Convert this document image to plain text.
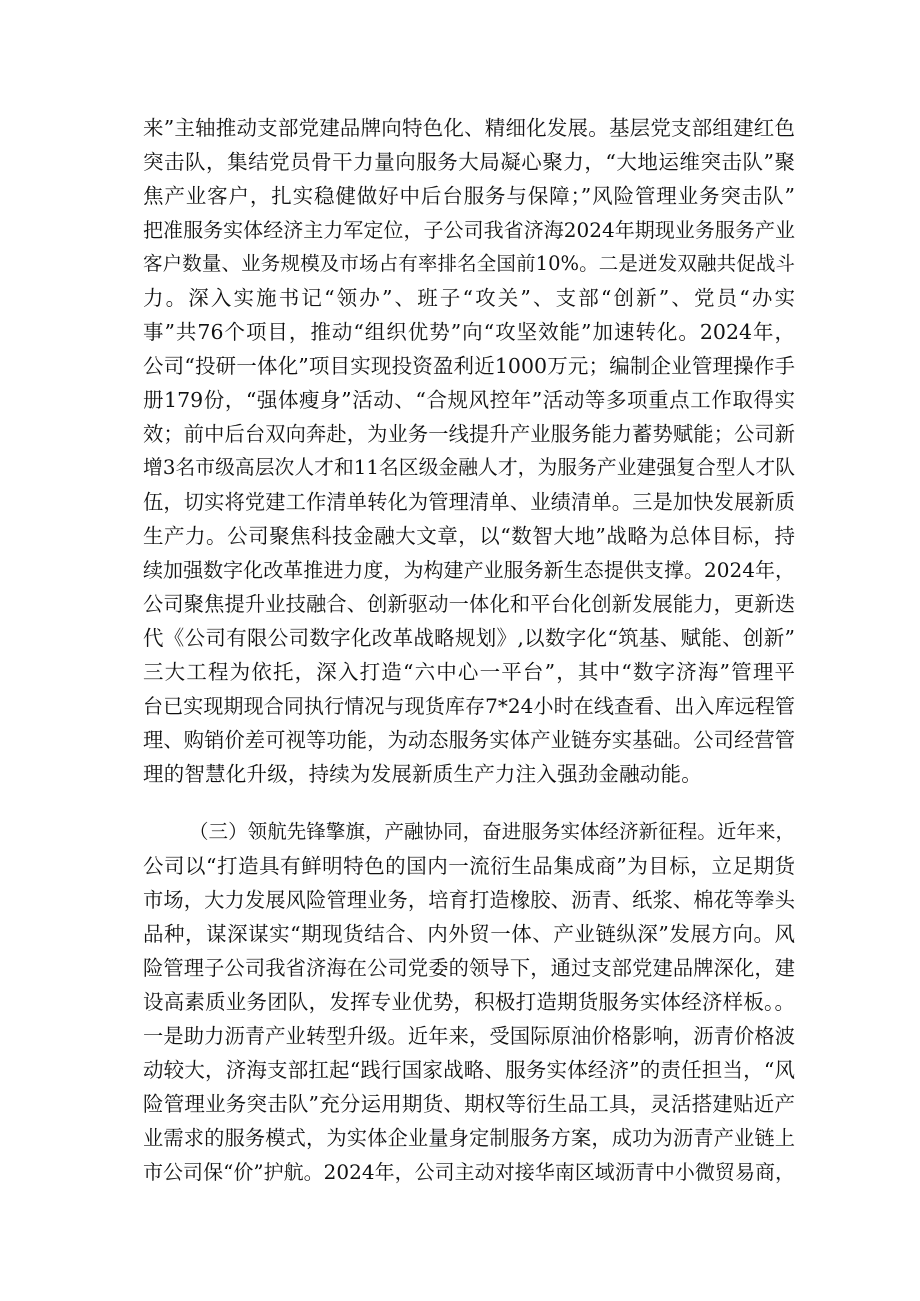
来”主轴推动支部党建品牌向特色化、精细化发展。基层党支部组建红色
突击队，集结党员骨干力量向服务大局凝心聚力，“大地运维突击队”聚
焦产业客户，扎实稳健做好中后台服务与保障；”风险管理业务突击队”
把准服务实体经济主力军定位，子公司我省济海2024年期现业务服务产业
客户数量、业务规模及市场占有率排名全国前10%。二是迸发双融共促战斗
力。深入实施书记“领办”、班子“攻关”、支部“创新”、党员“办实
事”共76个项目，推动“组织优势”向“攻坚效能”加速转化。2024年，
公司“投研一体化”项目实现投资盈利近1000万元；编制企业管理操作手
册179份，“强体瘦身”活动、“合规风控年”活动等多项重点工作取得实
效；前中后台双向奔赴，为业务一线提升产业服务能力蓄势赋能；公司新
增3名市级高层次人才和11名区级金融人才，为服务产业建强复合型人才队
伍，切实将党建工作清单转化为管理清单、业绩清单。三是加快发展新质
生产力。公司聚焦科技金融大文章，以“数智大地”战略为总体目标，持
续加强数字化改革推进力度，为构建产业服务新生态提供支撑。2024年，
公司聚焦提升业技融合、创新驱动一体化和平台化创新发展能力，更新迭
代《公司有限公司数字化改革战略规划》,以数字化“筑基、赋能、创新”
三大工程为依托，深入打造“六中心一平台”，其中“数字济海”管理平
台已实现期现合同执行情况与现货库存7*24小时在线查看、出入库远程管
理、购销价差可视等功能，为动态服务实体产业链夯实基础。公司经营管
理的智慧化升级，持续为发展新质生产力注入强劲金融动能。
（三）领航先锋擎旗，产融协同，奋进服务实体经济新征程。近年来，
公司以“打造具有鲜明特色的国内一流衍生品集成商”为目标，立足期货
市场，大力发展风险管理业务，培育打造橡胶、沥青、纸浆、棉花等拳头
品种，谋深谋实“期现货结合、内外贸一体、产业链纵深”发展方向。风
险管理子公司我省济海在公司党委的领导下，通过支部党建品牌深化，建
设高素质业务团队，发挥专业优势，积极打造期货服务实体经济样板。。
一是助力沥青产业转型升级。近年来，受国际原油价格影响，沥青价格波
动较大，济海支部扛起“践行国家战略、服务实体经济”的责任担当，“风
险管理业务突击队”充分运用期货、期权等衍生品工具，灵活搭建贴近产
业需求的服务模式，为实体企业量身定制服务方案，成功为沥青产业链上
市公司保“价”护航。2024年，公司主动对接华南区域沥青中小微贸易商，
